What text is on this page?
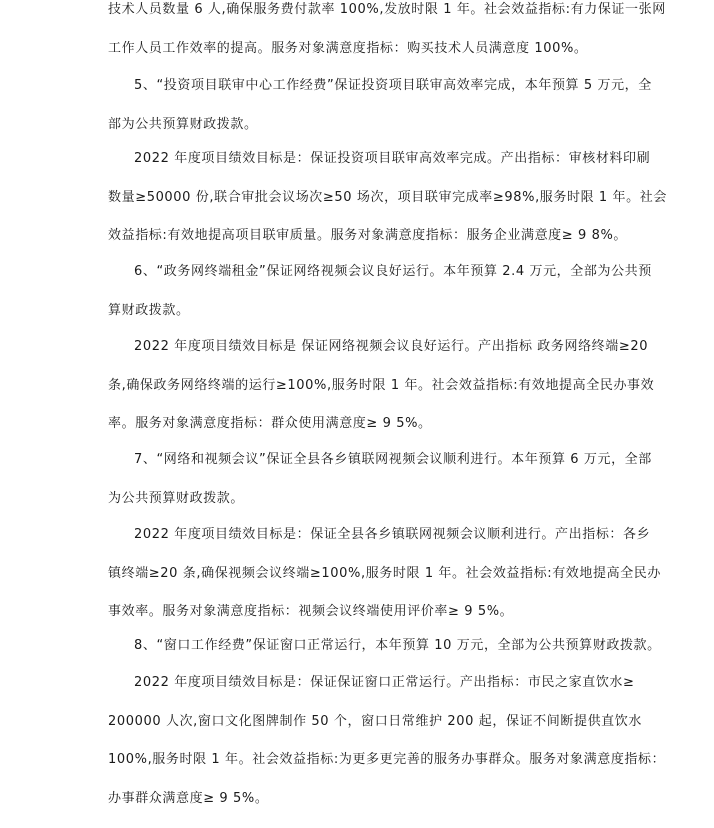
技术人员数量 6 人,确保服务费付款率 100%,发放时限 1 年。社会效益指标:有力保证一张网
工作人员工作效率的提高。服务对象满意度指标：购买技术人员满意度 100%。
5、“投资项目联审中心工作经费”保证投资项目联审高效率完成，本年预算 5 万元，全
部为公共预算财政拨款。
2022 年度项目绩效目标是：保证投资项目联审高效率完成。产出指标：审核材料印刷
数量≥50000 份,联合审批会议场次≥50 场次，项目联审完成率≥98%,服务时限 1 年。社会
效益指标:有效地提高项目联审质量。服务对象满意度指标：服务企业满意度≥ 9 8%。
6、“政务网终端租金”保证网络视频会议良好运行。本年预算 2.4 万元，全部为公共预
算财政拨款。
2022 年度项目绩效目标是 保证网络视频会议良好运行。产出指标 政务网络终端≥20
条,确保政务网络终端的运行≥100%,服务时限 1 年。社会效益指标:有效地提高全民办事效
率。服务对象满意度指标：群众使用满意度≥ 9 5%。
7、“网络和视频会议”保证全县各乡镇联网视频会议顺利进行。本年预算 6 万元，全部
为公共预算财政拨款。
2022 年度项目绩效目标是：保证全县各乡镇联网视频会议顺利进行。产出指标：各乡
镇终端≥20 条,确保视频会议终端≥100%,服务时限 1 年。社会效益指标:有效地提高全民办
事效率。服务对象满意度指标：视频会议终端使用评价率≥ 9 5%。
8、“窗口工作经费”保证窗口正常运行，本年预算 10 万元，全部为公共预算财政拨款。
2022 年度项目绩效目标是：保证保证窗口正常运行。产出指标：市民之家直饮水≥
200000 人次,窗口文化图牌制作 50 个，窗口日常维护 200 起，保证不间断提供直饮水
100%,服务时限 1 年。社会效益指标:为更多更完善的服务办事群众。服务对象满意度指标：
办事群众满意度≥ 9 5%。
